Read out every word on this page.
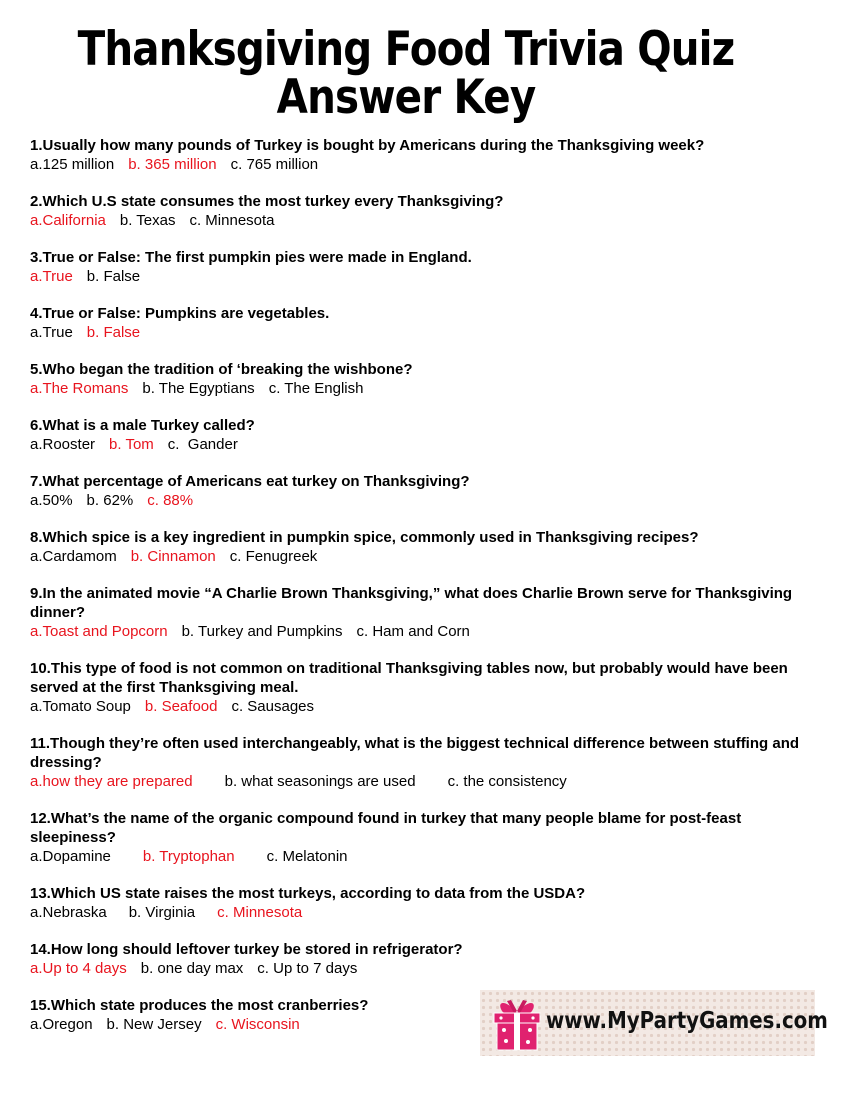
Thanksgiving Food Trivia Quiz
Answer Key

1.Usually how many pounds of Turkey is bought by Americans during the Thanksgiving week?

a.125 million b. 365 million c. 765 million

2.Which U.S state consumes the most turkey every Thanksgiving?

a.California b. Texas c. Minnesota

3.True or False: The first pumpkin pies were made in England.

a.True b. False

4.True or False: Pumpkins are vegetables.

a.True b. False

5.Who began the tradition of ‘breaking the wishbone?

a.The Romans b. The Egyptians c. The English

6.What is a male Turkey called?

a.Rooster b. Tom c.  Gander

7.What percentage of Americans eat turkey on Thanksgiving?

a.50% b. 62% c. 88%

8.Which spice is a key ingredient in pumpkin spice, commonly used in Thanksgiving recipes?

a.Cardamom b. Cinnamon c. Fenugreek

9.In the animated movie “A Charlie Brown Thanksgiving,” what does Charlie Brown serve for Thanksgiving dinner?

a.Toast and Popcorn b. Turkey and Pumpkins c. Ham and Corn

10.This type of food is not common on traditional Thanksgiving tables now, but probably would have been served at the first Thanksgiving meal.

a.Tomato Soup b. Seafood c. Sausages

11.Though they’re often used interchangeably, what is the biggest technical difference between stuffing and dressing?

a.how they are prepared b. what seasonings are used c. the consistency

12.What’s the name of the organic compound found in turkey that many people blame for post-feast sleepiness?

a.Dopamine b. Tryptophan c. Melatonin

13.Which US state raises the most turkeys, according to data from the USDA?

a.Nebraska b. Virginia c. Minnesota

14.How long should leftover turkey be stored in refrigerator?

a.Up to 4 days b. one day max c. Up to 7 days

15.Which state produces the most cranberries?

a.Oregon b. New Jersey c. Wisconsin	www.MyPartyGames.com
